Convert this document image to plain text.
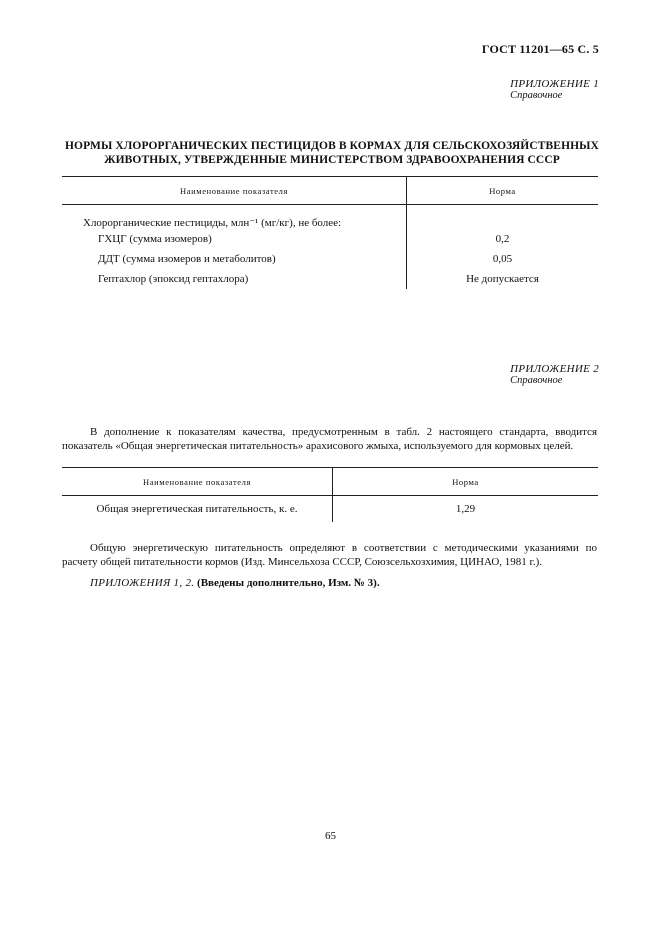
ГОСТ 11201—65 С. 5
ПРИЛОЖЕНИЕ 1
Справочное
НОРМЫ ХЛОРОРГАНИЧЕСКИХ ПЕСТИЦИДОВ В КОРМАХ ДЛЯ СЕЛЬСКОХОЗЯЙСТВЕННЫХ
ЖИВОТНЫХ, УТВЕРЖДЕННЫЕ МИНИСТЕРСТВОМ ЗДРАВООХРАНЕНИЯ СССР
Наименование показателя	Норма
Хлорорганические пестициды, млн⁻¹ (мг/кг), не более:	
ГХЦГ (сумма изомеров)	0,2
ДДТ (сумма изомеров и метаболитов)	0,05
Гептахлор (эпоксид гептахлора)	Не допускается
ПРИЛОЖЕНИЕ 2
Справочное

В дополнение к показателям качества, предусмотренным в табл. 2 настоящего стандарта, вводится показатель «Общая энергетическая питательность» арахисового жмыха, используемого для кормовых целей.

Наименование показателя	Норма
Общая энергетическая питательность, к. е.	1,29

Общую энергетическую питательность определяют в соответствии с методическими указаниями по расчету общей питательности кормов (Изд. Минсельхоза СССР, Союзсельхозхимия, ЦИНАО, 1981 г.).

ПРИЛОЖЕНИЯ 1, 2. (Введены дополнительно, Изм. № 3).
65
